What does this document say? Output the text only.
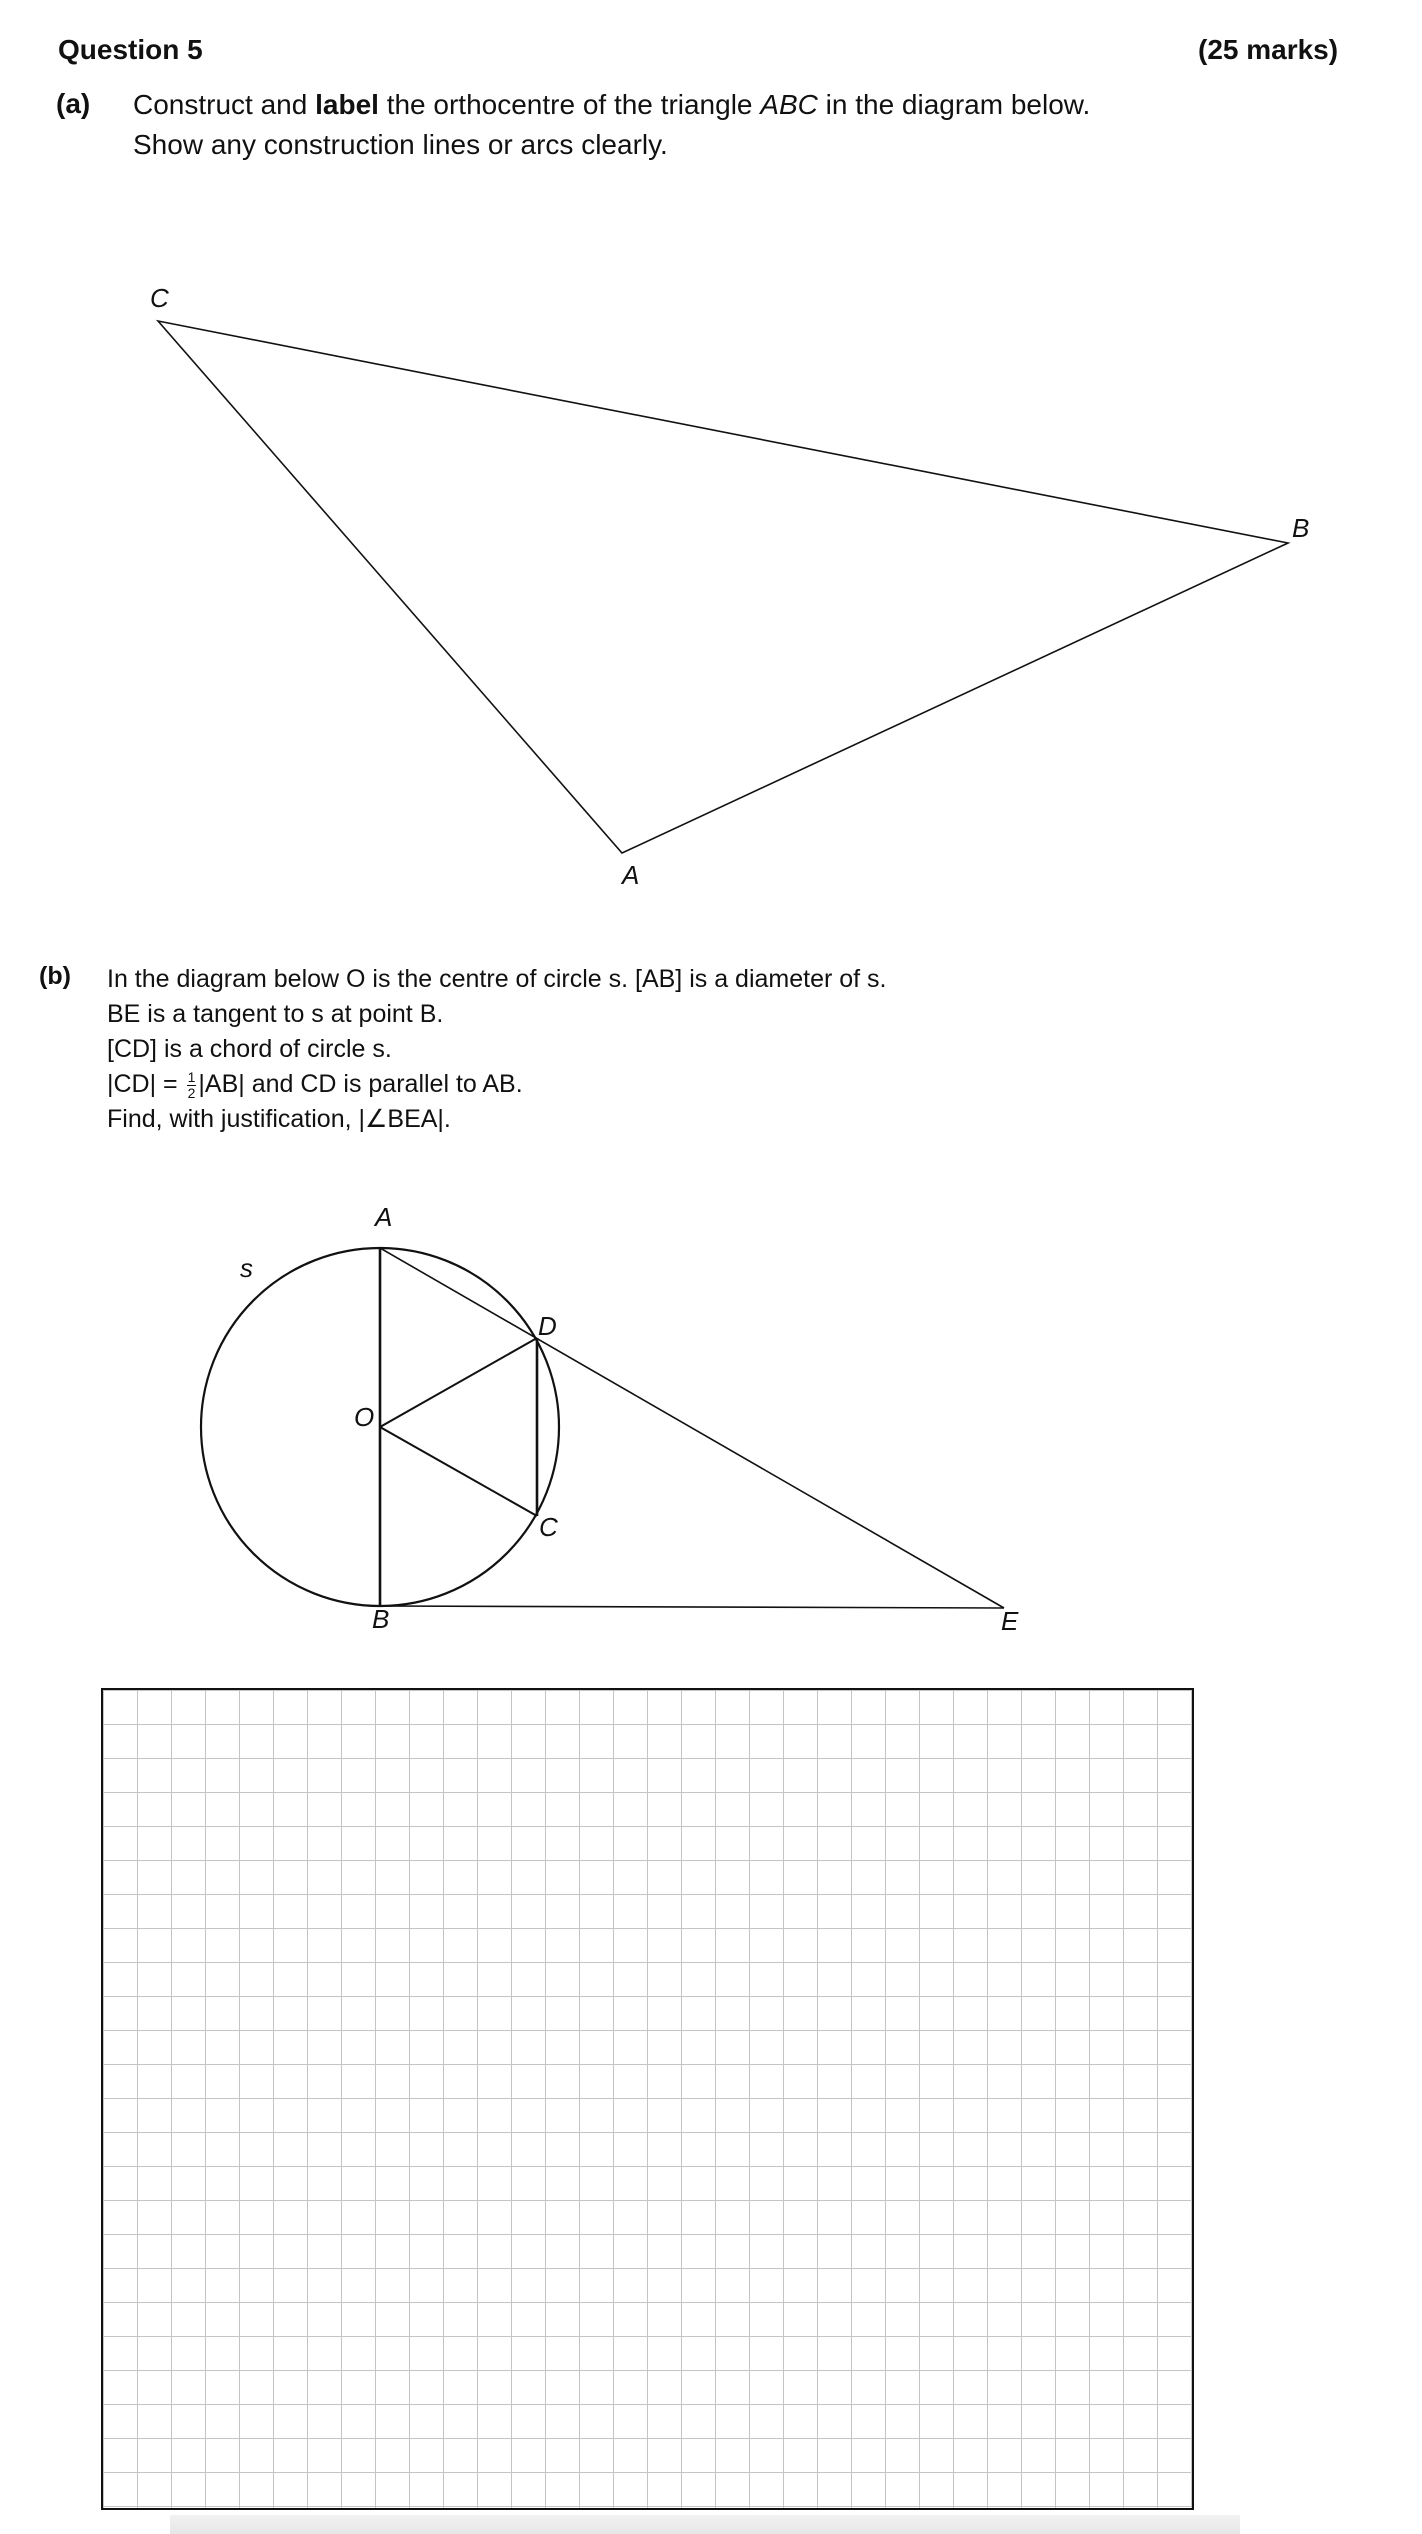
Question 5	(25 marks)
(a) Construct and label the orthocentre of the triangle ABC in the diagram below.
Show any construction lines or arcs clearly.
C
B
A
(b) In the diagram below O is the centre of circle s. [AB] is a diameter of s.
BE is a tangent to s at point B.
[CD] is a chord of circle s.
$|CD| = \frac{1}{2} |AB|$ and CD is parallel to AB.
Find, with justification, |∠BEA|.
A
B
C
D
E
O
s
